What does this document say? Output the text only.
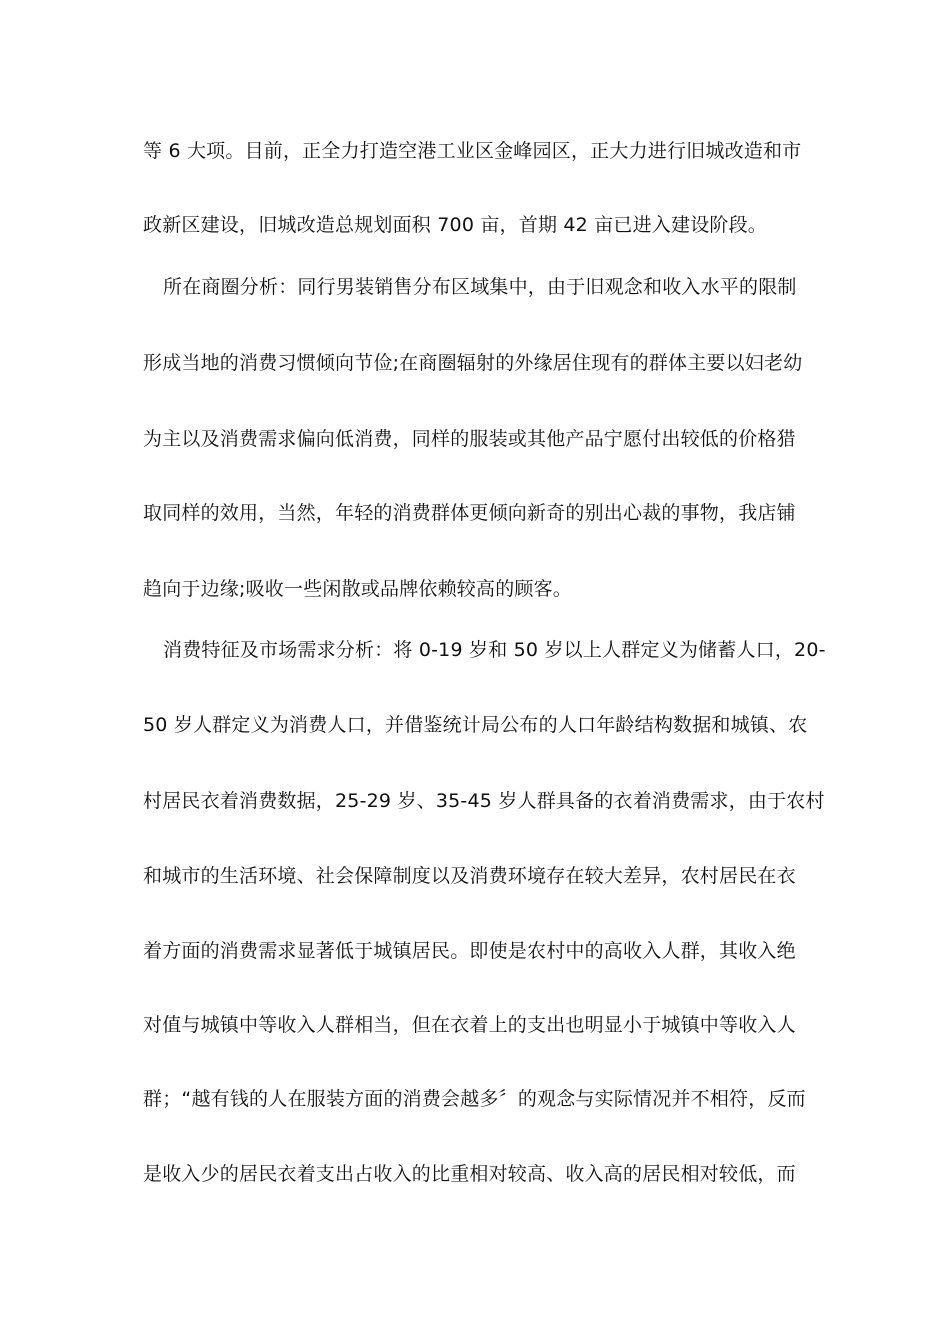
等 6 大项。目前，正全力打造空港工业区金峰园区，正大力进行旧城改造和市
政新区建设，旧城改造总规划面积 700 亩，首期 42 亩已进入建设阶段。
所在商圈分析：同行男装销售分布区域集中，由于旧观念和收入水平的限制
形成当地的消费习惯倾向节俭;在商圈辐射的外缘居住现有的群体主要以妇老幼
为主以及消费需求偏向低消费，同样的服装或其他产品宁愿付出较低的价格猎
取同样的效用，当然，年轻的消费群体更倾向新奇的别出心裁的事物，我店铺
趋向于边缘;吸收一些闲散或品牌依赖较高的顾客。
消费特征及市场需求分析：将 0-19 岁和 50 岁以上人群定义为储蓄人口，20-
50 岁人群定义为消费人口，并借鉴统计局公布的人口年龄结构数据和城镇、农
村居民衣着消费数据，25-29 岁、35-45 岁人群具备的衣着消费需求，由于农村
和城市的生活环境、社会保障制度以及消费环境存在较大差异，农村居民在衣
着方面的消费需求显著低于城镇居民。即使是农村中的高收入人群，其收入绝
对值与城镇中等收入人群相当，但在衣着上的支出也明显小于城镇中等收入人
群；“越有钱的人在服装方面的消费会越多〞的观念与实际情况并不相符，反而
是收入少的居民衣着支出占收入的比重相对较高、收入高的居民相对较低，而
